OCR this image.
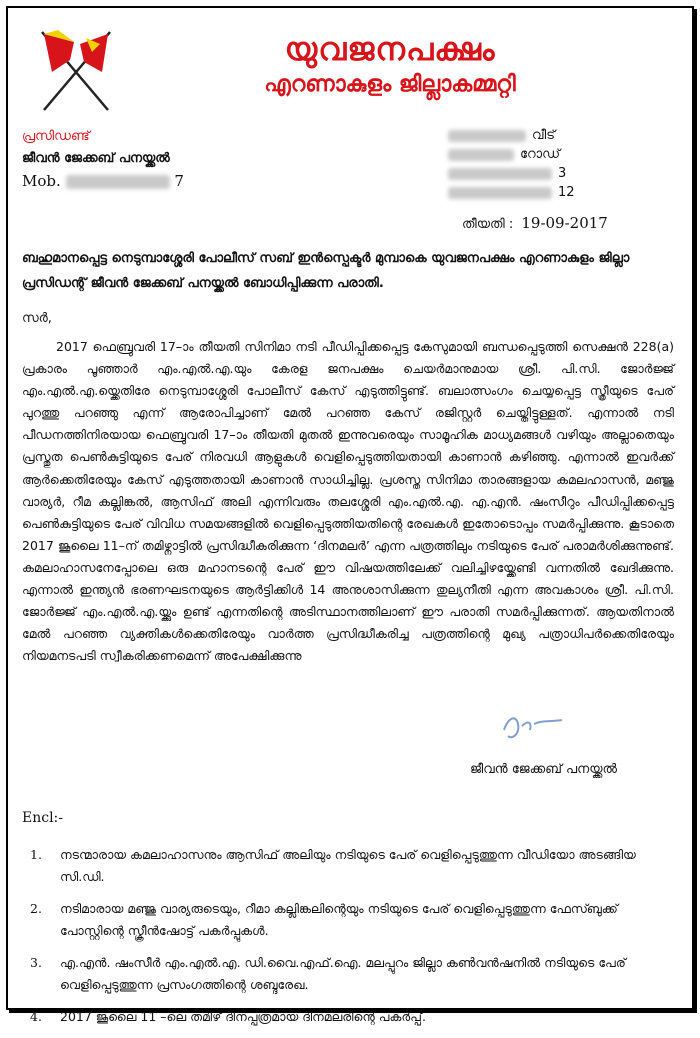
യുവജനപക്ഷം
എറണാകുളം ജില്ലാകമ്മറ്റി
പ്രസിഡണ്ട്
ജീവൻ ജേക്കബ് പനയ്ക്കൽ
Mob.	7
വീട്
റോഡ്
3
12
തീയതി : 19-09-2017
ബഹുമാനപ്പെട്ട നെടുമ്പാശ്ശേരി പോലീസ് സബ് ഇൻസ്പെക്ടർ മുമ്പാകെ യുവജനപക്ഷം എറണാകുളം ജില്ലാ പ്രസിഡന്റ് ജീവൻ ജേക്കബ് പനയ്ക്കൽ ബോധിപ്പിക്കുന്ന പരാതി.
സർ,
2017 ഫെബ്രുവരി 17–ാം തീയതി സിനിമാ നടി പീഡിപ്പിക്കപ്പെട്ട കേസുമായി ബന്ധപ്പെടുത്തി സെക്ഷൻ 228(a) പ്രകാരം പൂഞ്ഞാർ എം.എൽ.എ.യും കേരള ജനപക്ഷം ചെയർമാനുമായ ശ്രീ. പി.സി. ജോർജ്ജ് എം.എൽ.എ.യ്ക്കെതിരേ നെടുമ്പാശ്ശേരി പോലീസ് കേസ് എടുത്തിട്ടുണ്ട്. ബലാത്സംഗം ചെയ്യപ്പെട്ട സ്ത്രീയുടെ പേര് പുറത്തു പറഞ്ഞു എന്ന് ആരോപിച്ചാണ് മേൽ പറഞ്ഞ കേസ് രജിസ്റ്റർ ചെയ്തിട്ടുള്ളത്. എന്നാൽ നടി പീഡനത്തിനിരയായ ഫെബ്രുവരി 17–ാം തീയതി മുതൽ ഇന്നുവരെയും സാമൂഹിക മാധ്യമങ്ങൾ വഴിയും അല്ലാതെയും പ്രസ്തുത പെൺകുട്ടിയുടെ പേര് നിരവധി ആളുകൾ വെളിപ്പെടുത്തിയതായി കാണാൻ കഴിഞ്ഞു. എന്നാൽ ഇവർക്ക് ആർക്കെതിരേയും കേസ് എടുത്തതായി കാണാൻ സാധിച്ചില്ല. പ്രശസ്ത സിനിമാ താരങ്ങളായ കമലഹാസൻ, മഞ്ജു വാര്യർ, റീമ കല്ലിങ്കൽ, ആസിഫ് അലി എന്നിവരും തലശ്ശേരി എം.എൽ.എ. എ.എൻ. ഷംസീറും പീഡിപ്പിക്കപ്പെട്ട പെൺകുട്ടിയുടെ പേര് വിവിധ സമയങ്ങളിൽ വെളിപ്പെടുത്തിയതിന്റെ രേഖകൾ ഇതോടൊപ്പം സമർപ്പിക്കുന്നു. കൂടാതെ 2017 ജൂലൈ 11–ന് തമിഴ്നാട്ടിൽ പ്രസിദ്ധീകരിക്കുന്ന ‘ദിനമലർ’ എന്ന പത്രത്തിലും നടിയുടെ പേര് പരാമർശിക്കുന്നുണ്ട്. കമലാഹാസനേപ്പോലെ ഒരു മഹാനടന്റെ പേര് ഈ വിഷയത്തിലേക്ക് വലിച്ചിഴയ്ക്കേണ്ടി വന്നതിൽ ഖേദിക്കുന്നു. എന്നാൽ ഇന്ത്യൻ ഭരണഘടനയുടെ ആർട്ടിക്കിൾ 14 അനുശാസിക്കുന്ന തുല്യനീതി എന്ന അവകാശം ശ്രീ. പി.സി. ജോർജ്ജ് എം.എൽ.എ.യ്ക്കും ഉണ്ട് എന്നതിന്റെ അടിസ്ഥാനത്തിലാണ് ഈ പരാതി സമർപ്പിക്കുന്നത്. ആയതിനാൽ മേൽ പറഞ്ഞ വ്യക്തികൾക്കെതിരേയും വാർത്ത പ്രസിദ്ധീകരിച്ച പത്രത്തിന്റെ മുഖ്യ പത്രാധിപർക്കെതിരേയും നിയമനടപടി സ്വീകരിക്കണമെന്ന് അപേക്ഷിക്കുന്നു
ജീവൻ ജേക്കബ് പനയ്ക്കൽ
Encl:-
1. നടന്മാരായ കമലാഹാസനും ആസിഫ് അലിയും നടിയുടെ പേര് വെളിപ്പെടുത്തുന്ന വീഡിയോ അടങ്ങിയ സി.ഡി.
2. നടിമാരായ മഞ്ജു വാര്യരുടെയും, റീമാ കല്ലിങ്കലിന്റെയും നടിയുടെ പേര് വെളിപ്പെടുത്തുന്ന ഫേസ്ബുക്ക് പോസ്റ്റിന്റെ സ്ക്രീൻഷോട്ട് പകർപ്പുകൾ.
3. എ.എൻ. ഷംസീർ എം.എൽ.എ. ഡി.വൈ.എഫ്.ഐ. മലപ്പുറം ജില്ലാ കൺവൻഷനിൽ നടിയുടെ പേര് വെളിപ്പെടുത്തുന്ന പ്രസംഗത്തിന്റെ ശബ്ദരേഖ.
4. 2017 ജൂലൈ 11 –ലെ തമിഴ് ദിനപ്പത്രമായ ദിനമലരിന്റെ പകർപ്പ്.
